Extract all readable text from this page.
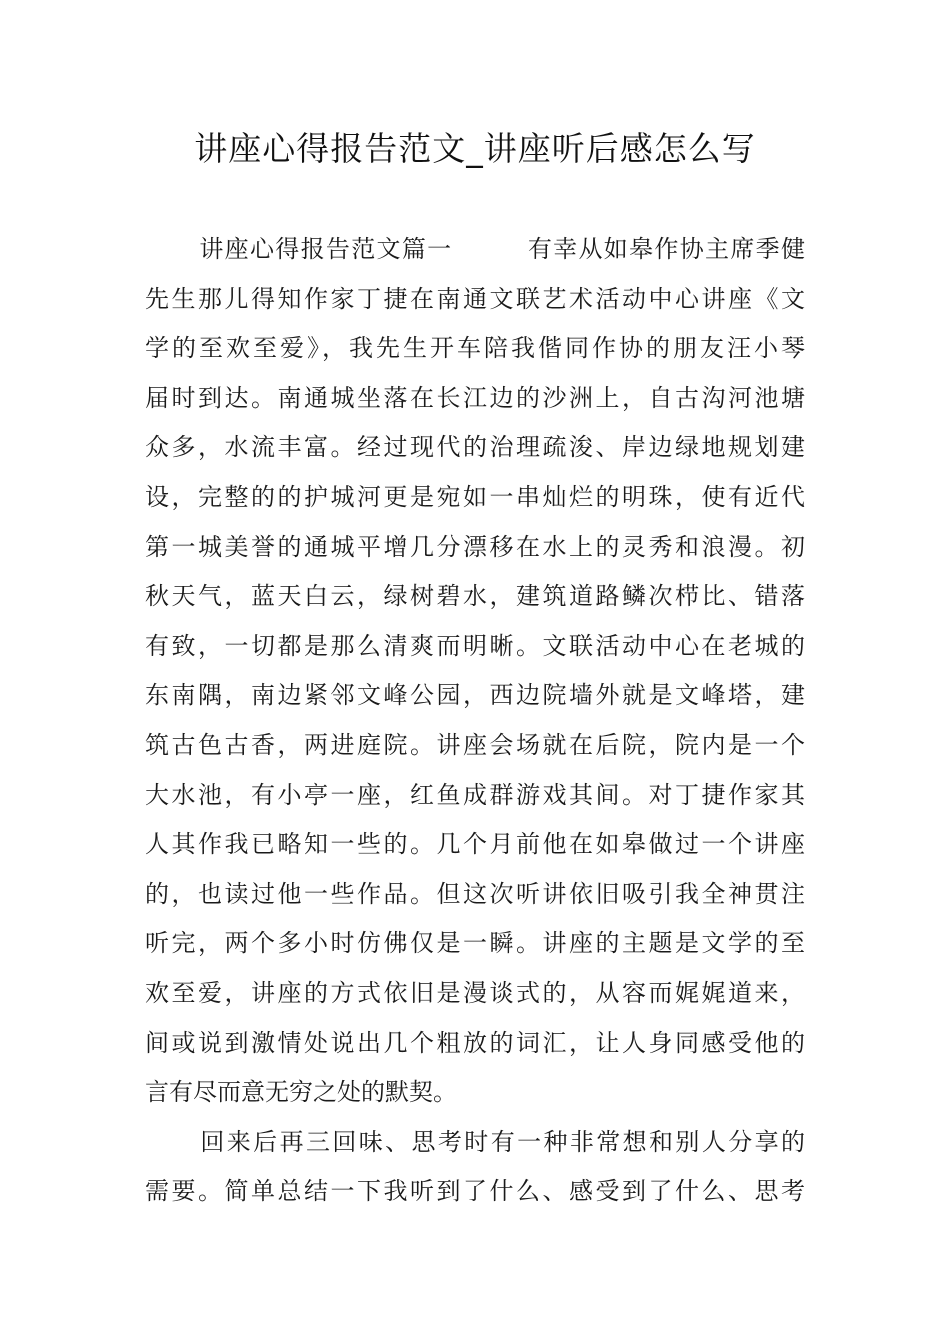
讲座心得报告范文_讲座听后感怎么写
讲座心得报告范文篇一	有幸从如皋作协主席季健
先生那儿得知作家丁捷在南通文联艺术活动中心讲座《文
学的至欢至爱》，我先生开车陪我偕同作协的朋友汪小琴
届时到达。南通城坐落在长江边的沙洲上，自古沟河池塘
众多，水流丰富。经过现代的治理疏浚、岸边绿地规划建
设，完整的的护城河更是宛如一串灿烂的明珠，使有近代
第一城美誉的通城平增几分漂移在水上的灵秀和浪漫。初
秋天气，蓝天白云，绿树碧水，建筑道路鳞次栉比、错落
有致，一切都是那么清爽而明晰。文联活动中心在老城的
东南隅，南边紧邻文峰公园，西边院墙外就是文峰塔，建
筑古色古香，两进庭院。讲座会场就在后院，院内是一个
大水池，有小亭一座，红鱼成群游戏其间。对丁捷作家其
人其作我已略知一些的。几个月前他在如皋做过一个讲座
的，也读过他一些作品。但这次听讲依旧吸引我全神贯注
听完，两个多小时仿佛仅是一瞬。讲座的主题是文学的至
欢至爱，讲座的方式依旧是漫谈式的，从容而娓娓道来，
间或说到激情处说出几个粗放的词汇，让人身同感受他的
言有尽而意无穷之处的默契。
回来后再三回味、思考时有一种非常想和别人分享的
需要。简单总结一下我听到了什么、感受到了什么、思考
